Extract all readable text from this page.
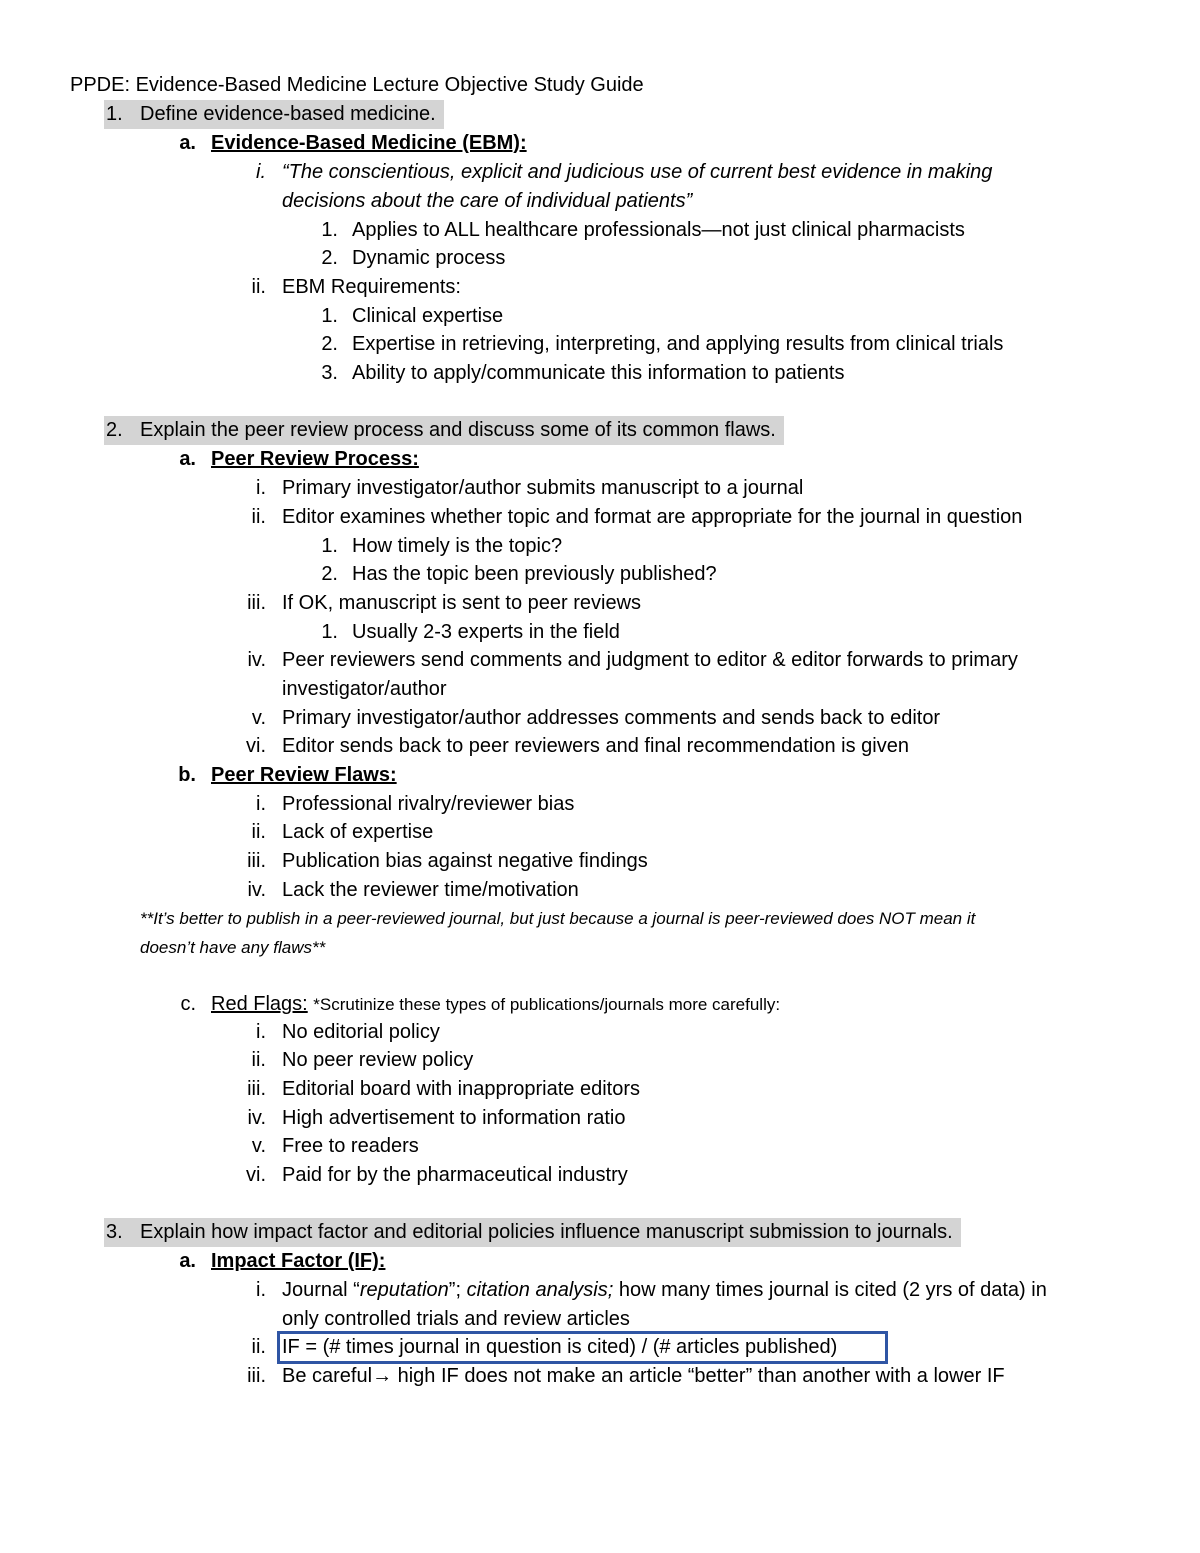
PPDE: Evidence-Based Medicine Lecture Objective Study Guide
1. Define evidence-based medicine.
a. Evidence-Based Medicine (EBM):
i. “The conscientious, explicit and judicious use of current best evidence in making
decisions about the care of individual patients”
1. Applies to ALL healthcare professionals—not just clinical pharmacists
2. Dynamic process
ii. EBM Requirements:
1. Clinical expertise
2. Expertise in retrieving, interpreting, and applying results from clinical trials
3. Ability to apply/communicate this information to patients
2. Explain the peer review process and discuss some of its common flaws.
a. Peer Review Process:
i. Primary investigator/author submits manuscript to a journal
ii. Editor examines whether topic and format are appropriate for the journal in question
1. How timely is the topic?
2. Has the topic been previously published?
iii. If OK, manuscript is sent to peer reviews
1. Usually 2-3 experts in the field
iv. Peer reviewers send comments and judgment to editor & editor forwards to primary
investigator/author
v. Primary investigator/author addresses comments and sends back to editor
vi. Editor sends back to peer reviewers and final recommendation is given
b. Peer Review Flaws:
i. Professional rivalry/reviewer bias
ii. Lack of expertise
iii. Publication bias against negative findings
iv. Lack the reviewer time/motivation
**It’s better to publish in a peer-reviewed journal, but just because a journal is peer-reviewed does NOT mean it
doesn’t have any flaws**
c. Red Flags: *Scrutinize these types of publications/journals more carefully:
i. No editorial policy
ii. No peer review policy
iii. Editorial board with inappropriate editors
iv. High advertisement to information ratio
v. Free to readers
vi. Paid for by the pharmaceutical industry
3. Explain how impact factor and editorial policies influence manuscript submission to journals.
a. Impact Factor (IF):
i. Journal “reputation”; citation analysis; how many times journal is cited (2 yrs of data) in
only controlled trials and review articles
ii. IF = (# times journal in question is cited) / (# articles published)
iii. Be careful→ high IF does not make an article “better” than another with a lower IF
